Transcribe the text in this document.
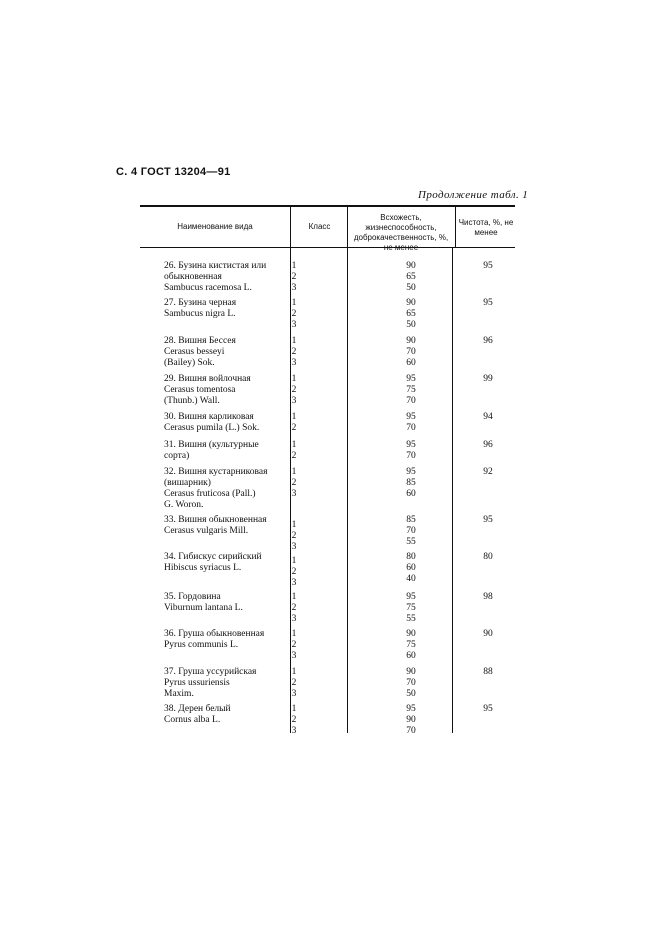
С. 4 ГОСТ 13204—91
Продолжение табл. 1
Наименование вида	Класс
Всхожесть, жизнеспособность, доброкачественность, %, не менее
Чистота, %, не менее
26. Бузина кистистая или
обыкновенная
Sambucus racemosa L.
1
2
3
90
65
50
95
27. Бузина черная
Sambucus nigra L.
1
2
3
90
65
50
95
28. Вишня Бессея
Cerasus besseyi
(Bailey) Sok.
1
2
3
90
70
60
96
29. Вишня войлочная
Cerasus tomentosa
(Thunb.) Wall.
1
2
3
95
75
70
99
30. Вишня карликовая
Cerasus pumila (L.) Sok.
1
2
95
70
94
31. Вишня (культурные
сорта)
1
2
95
70
96
32. Вишня кустарниковая
(вишарник)
Cerasus fruticosa (Pall.)
G. Woron.
1
2
3
95
85
60
92
33. Вишня обыкновенная
Cerasus vulgaris Mill.
1
2
3
85
70
55
95
34. Гибискус сирийский
Hibiscus syriacus L.
1
2
3
80
60
40
80
35. Гордовина
Viburnum lantana L.
1
2
3
95
75
55
98
36. Груша обыкновенная
Pyrus communis L.
1
2
3
90
75
60
90
37. Груша уссурийская
Pyrus ussuriensis
Maxim.
1
2
3
90
70
50
88
38. Дерен белый
Cornus alba L.
1
2
3
95
90
70
95
